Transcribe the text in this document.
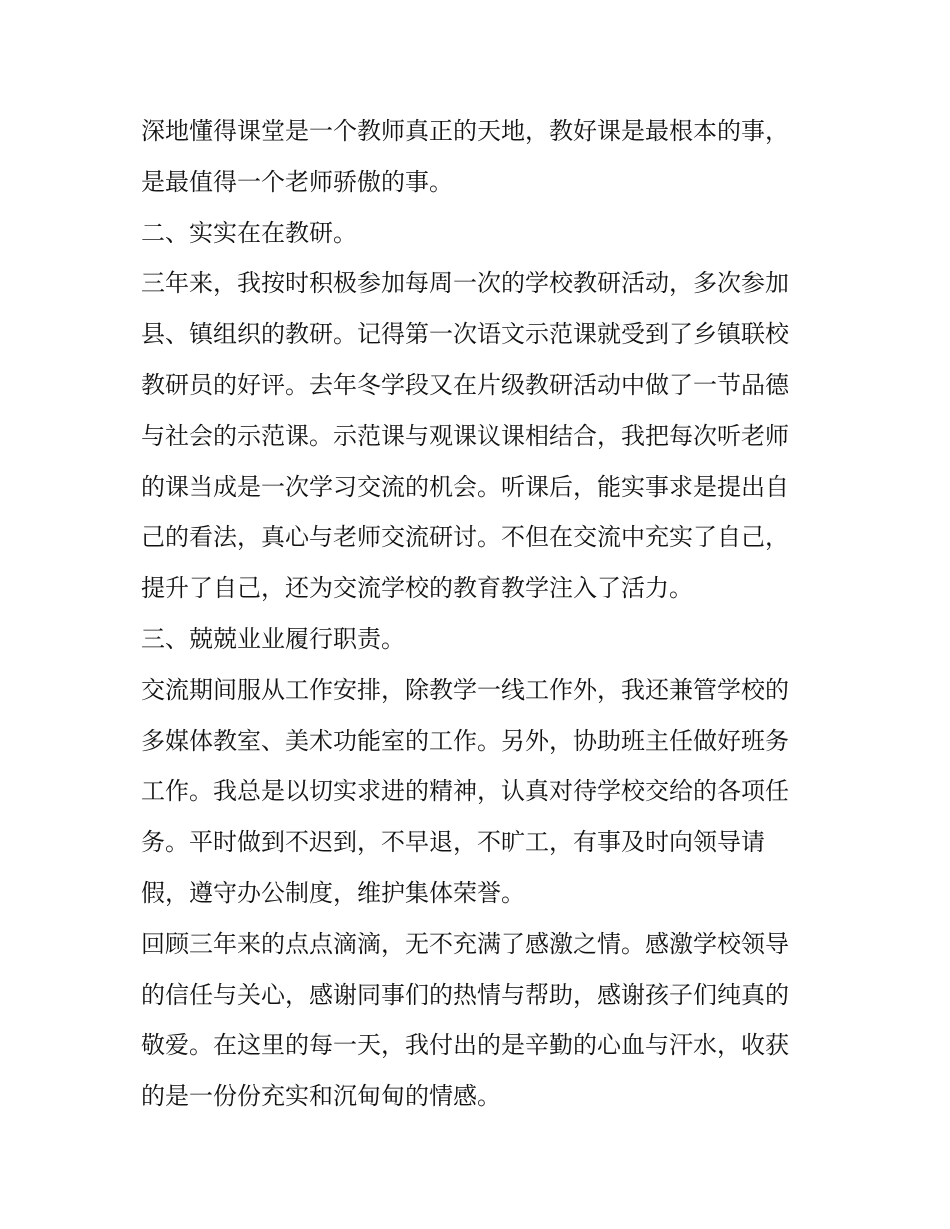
深地懂得课堂是一个教师真正的天地，教好课是最根本的事，
是最值得一个老师骄傲的事。
二、实实在在教研。
三年来，我按时积极参加每周一次的学校教研活动，多次参加
县、镇组织的教研。记得第一次语文示范课就受到了乡镇联校
教研员的好评。去年冬学段又在片级教研活动中做了一节品德
与社会的示范课。示范课与观课议课相结合，我把每次听老师
的课当成是一次学习交流的机会。听课后，能实事求是提出自
己的看法，真心与老师交流研讨。不但在交流中充实了自己，
提升了自己，还为交流学校的教育教学注入了活力。
三、兢兢业业履行职责。
交流期间服从工作安排，除教学一线工作外，我还兼管学校的
多媒体教室、美术功能室的工作。另外，协助班主任做好班务
工作。我总是以切实求进的精神，认真对待学校交给的各项任
务。平时做到不迟到，不早退，不旷工，有事及时向领导请
假，遵守办公制度，维护集体荣誉。
回顾三年来的点点滴滴，无不充满了感激之情。感激学校领导
的信任与关心，感谢同事们的热情与帮助，感谢孩子们纯真的
敬爱。在这里的每一天，我付出的是辛勤的心血与汗水，收获
的是一份份充实和沉甸甸的情感。
